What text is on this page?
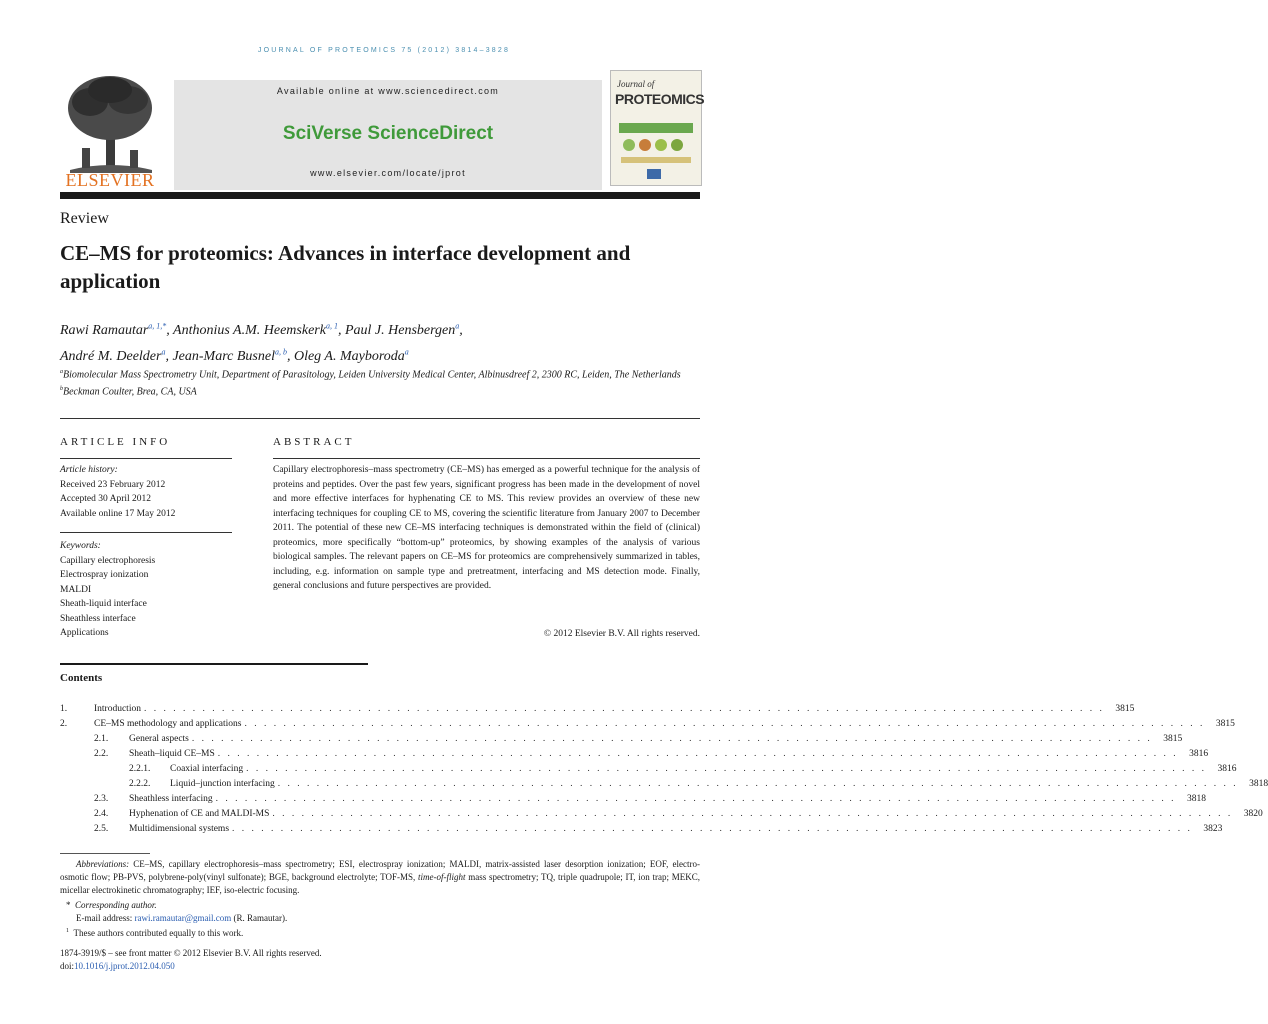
JOURNAL OF PROTEOMICS 75 (2012) 3814–3828
ELSEVIER
Available online at www.sciencedirect.com
SciVerse ScienceDirect
www.elsevier.com/locate/jprot
Journal of
PROTEOMICS
Review
CE–MS for proteomics: Advances in interface development and application
Rawi Ramautar$^{a, 1,*}$, Anthonius A.M. Heemskerk$^{a, 1}$, Paul J. Hensbergen$^a$,
André M. Deelder$^a$, Jean-Marc Busnel$^{a, b}$, Oleg A. Mayboroda$^a$
$^a$Biomolecular Mass Spectrometry Unit, Department of Parasitology, Leiden University Medical Center, Albinusdreef 2, 2300 RC, Leiden, The Netherlands
$^b$Beckman Coulter, Brea, CA, USA
ARTICLE INFO
Article history:
Received 23 February 2012
Accepted 30 April 2012
Available online 17 May 2012
Keywords:
Capillary electrophoresis
Electrospray ionization
MALDI
Sheath-liquid interface
Sheathless interface
Applications
ABSTRACT
Capillary electrophoresis–mass spectrometry (CE–MS) has emerged as a powerful technique for the analysis of proteins and peptides. Over the past few years, significant progress has been made in the development of novel and more effective interfaces for hyphenating CE to MS. This review provides an overview of these new interfacing techniques for coupling CE to MS, covering the scientific literature from January 2007 to December 2011. The potential of these new CE–MS interfacing techniques is demonstrated within the field of (clinical) proteomics, more specifically “bottom-up” proteomics, by showing examples of the analysis of various biological samples. The relevant papers on CE–MS for proteomics are comprehensively summarized in tables, including, e.g. information on sample type and pretreatment, interfacing and MS detection mode. Finally, general conclusions and future perspectives are provided.
© 2012 Elsevier B.V. All rights reserved.
Contents
1.	Introduction . . . . . . . . . . . . . . . . . . . . . . . . . . . . . . . . . . . . . . . . . . . . . . . . . . . . . . . . . . . . . . . . . . . . . . . . . . . . . . . . . . . . . . . . . . . . . . . . . . .	3815
2.	CE–MS methodology and applications . . . . . . . . . . . . . . . . . . . . . . . . . . . . . . . . . . . . . . . . . . . . . . . . . . . . . . . . . . . . . . . . . . . . . . . . . . . . . . . . . . . . . . . . . . . . . . . . . . .	3815
2.1.	General aspects . . . . . . . . . . . . . . . . . . . . . . . . . . . . . . . . . . . . . . . . . . . . . . . . . . . . . . . . . . . . . . . . . . . . . . . . . . . . . . . . . . . . . . . . . . . . . . . . . . .	3815
2.2.	Sheath–liquid CE–MS . . . . . . . . . . . . . . . . . . . . . . . . . . . . . . . . . . . . . . . . . . . . . . . . . . . . . . . . . . . . . . . . . . . . . . . . . . . . . . . . . . . . . . . . . . . . . . . . . . .	3816
2.2.1.	Coaxial interfacing . . . . . . . . . . . . . . . . . . . . . . . . . . . . . . . . . . . . . . . . . . . . . . . . . . . . . . . . . . . . . . . . . . . . . . . . . . . . . . . . . . . . . . . . . . . . . . . . . . .	3816
2.2.2.	Liquid–junction interfacing . . . . . . . . . . . . . . . . . . . . . . . . . . . . . . . . . . . . . . . . . . . . . . . . . . . . . . . . . . . . . . . . . . . . . . . . . . . . . . . . . . . . . . . . . . . . . . . . . . .	3818
2.3.	Sheathless interfacing . . . . . . . . . . . . . . . . . . . . . . . . . . . . . . . . . . . . . . . . . . . . . . . . . . . . . . . . . . . . . . . . . . . . . . . . . . . . . . . . . . . . . . . . . . . . . . . . . . .	3818
2.4.	Hyphenation of CE and MALDI-MS . . . . . . . . . . . . . . . . . . . . . . . . . . . . . . . . . . . . . . . . . . . . . . . . . . . . . . . . . . . . . . . . . . . . . . . . . . . . . . . . . . . . . . . . . . . . . . . . . . .	3820
2.5.	Multidimensional systems . . . . . . . . . . . . . . . . . . . . . . . . . . . . . . . . . . . . . . . . . . . . . . . . . . . . . . . . . . . . . . . . . . . . . . . . . . . . . . . . . . . . . . . . . . . . . . . . . . .	3823
Abbreviations: CE–MS, capillary electrophoresis–mass spectrometry; ESI, electrospray ionization; MALDI, matrix-assisted laser desorption ionization; EOF, electro-osmotic flow; PB-PVS, polybrene-poly(vinyl sulfonate); BGE, background electrolyte; TOF-MS, time-of-flight mass spectrometry; TQ, triple quadrupole; IT, ion trap; MEKC, micellar electrokinetic chromatography; IEF, iso-electric focusing.
* Corresponding author.
E-mail address: rawi.ramautar@gmail.com (R. Ramautar).
$^1$ These authors contributed equally to this work.
1874-3919/$ – see front matter © 2012 Elsevier B.V. All rights reserved.
doi:10.1016/j.jprot.2012.04.050
